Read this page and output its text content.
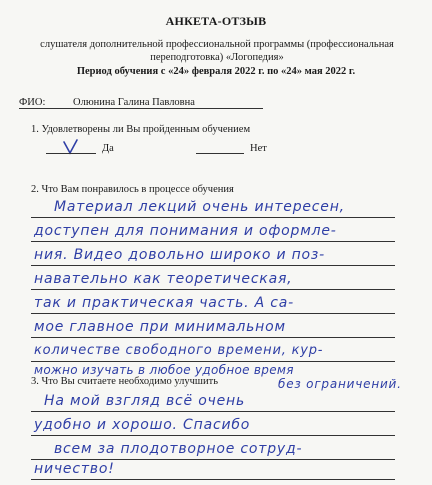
АНКЕТА-ОТЗЫВ
слушателя дополнительной профессиональной программы (профессиональная переподготовка) «Логопедия»
Период обучения с «24» февраля 2022 г. по «24» мая 2022 г.
ФИО:	Олюнина Галина Павловна
1. Удовлетворены ли Вы пройденным обучением
Да	Нет
2. Что Вам понравилось в процессе обучения
Материал лекций очень интересен,
доступен для понимания и оформле-
ния. Видео довольно широко и поз-
навательно как теоретическая,
так и практическая часть. А са-
мое главное при минимальном
количестве свободного времени, кур-
можно изучать в любое удобное время
без ограничений.
3. Что Вы считаете необходимо улучшить
На мой взгляд всё очень
удобно и хорошо. Спасибо
всем за плодотворное сотруд-
ничество!
